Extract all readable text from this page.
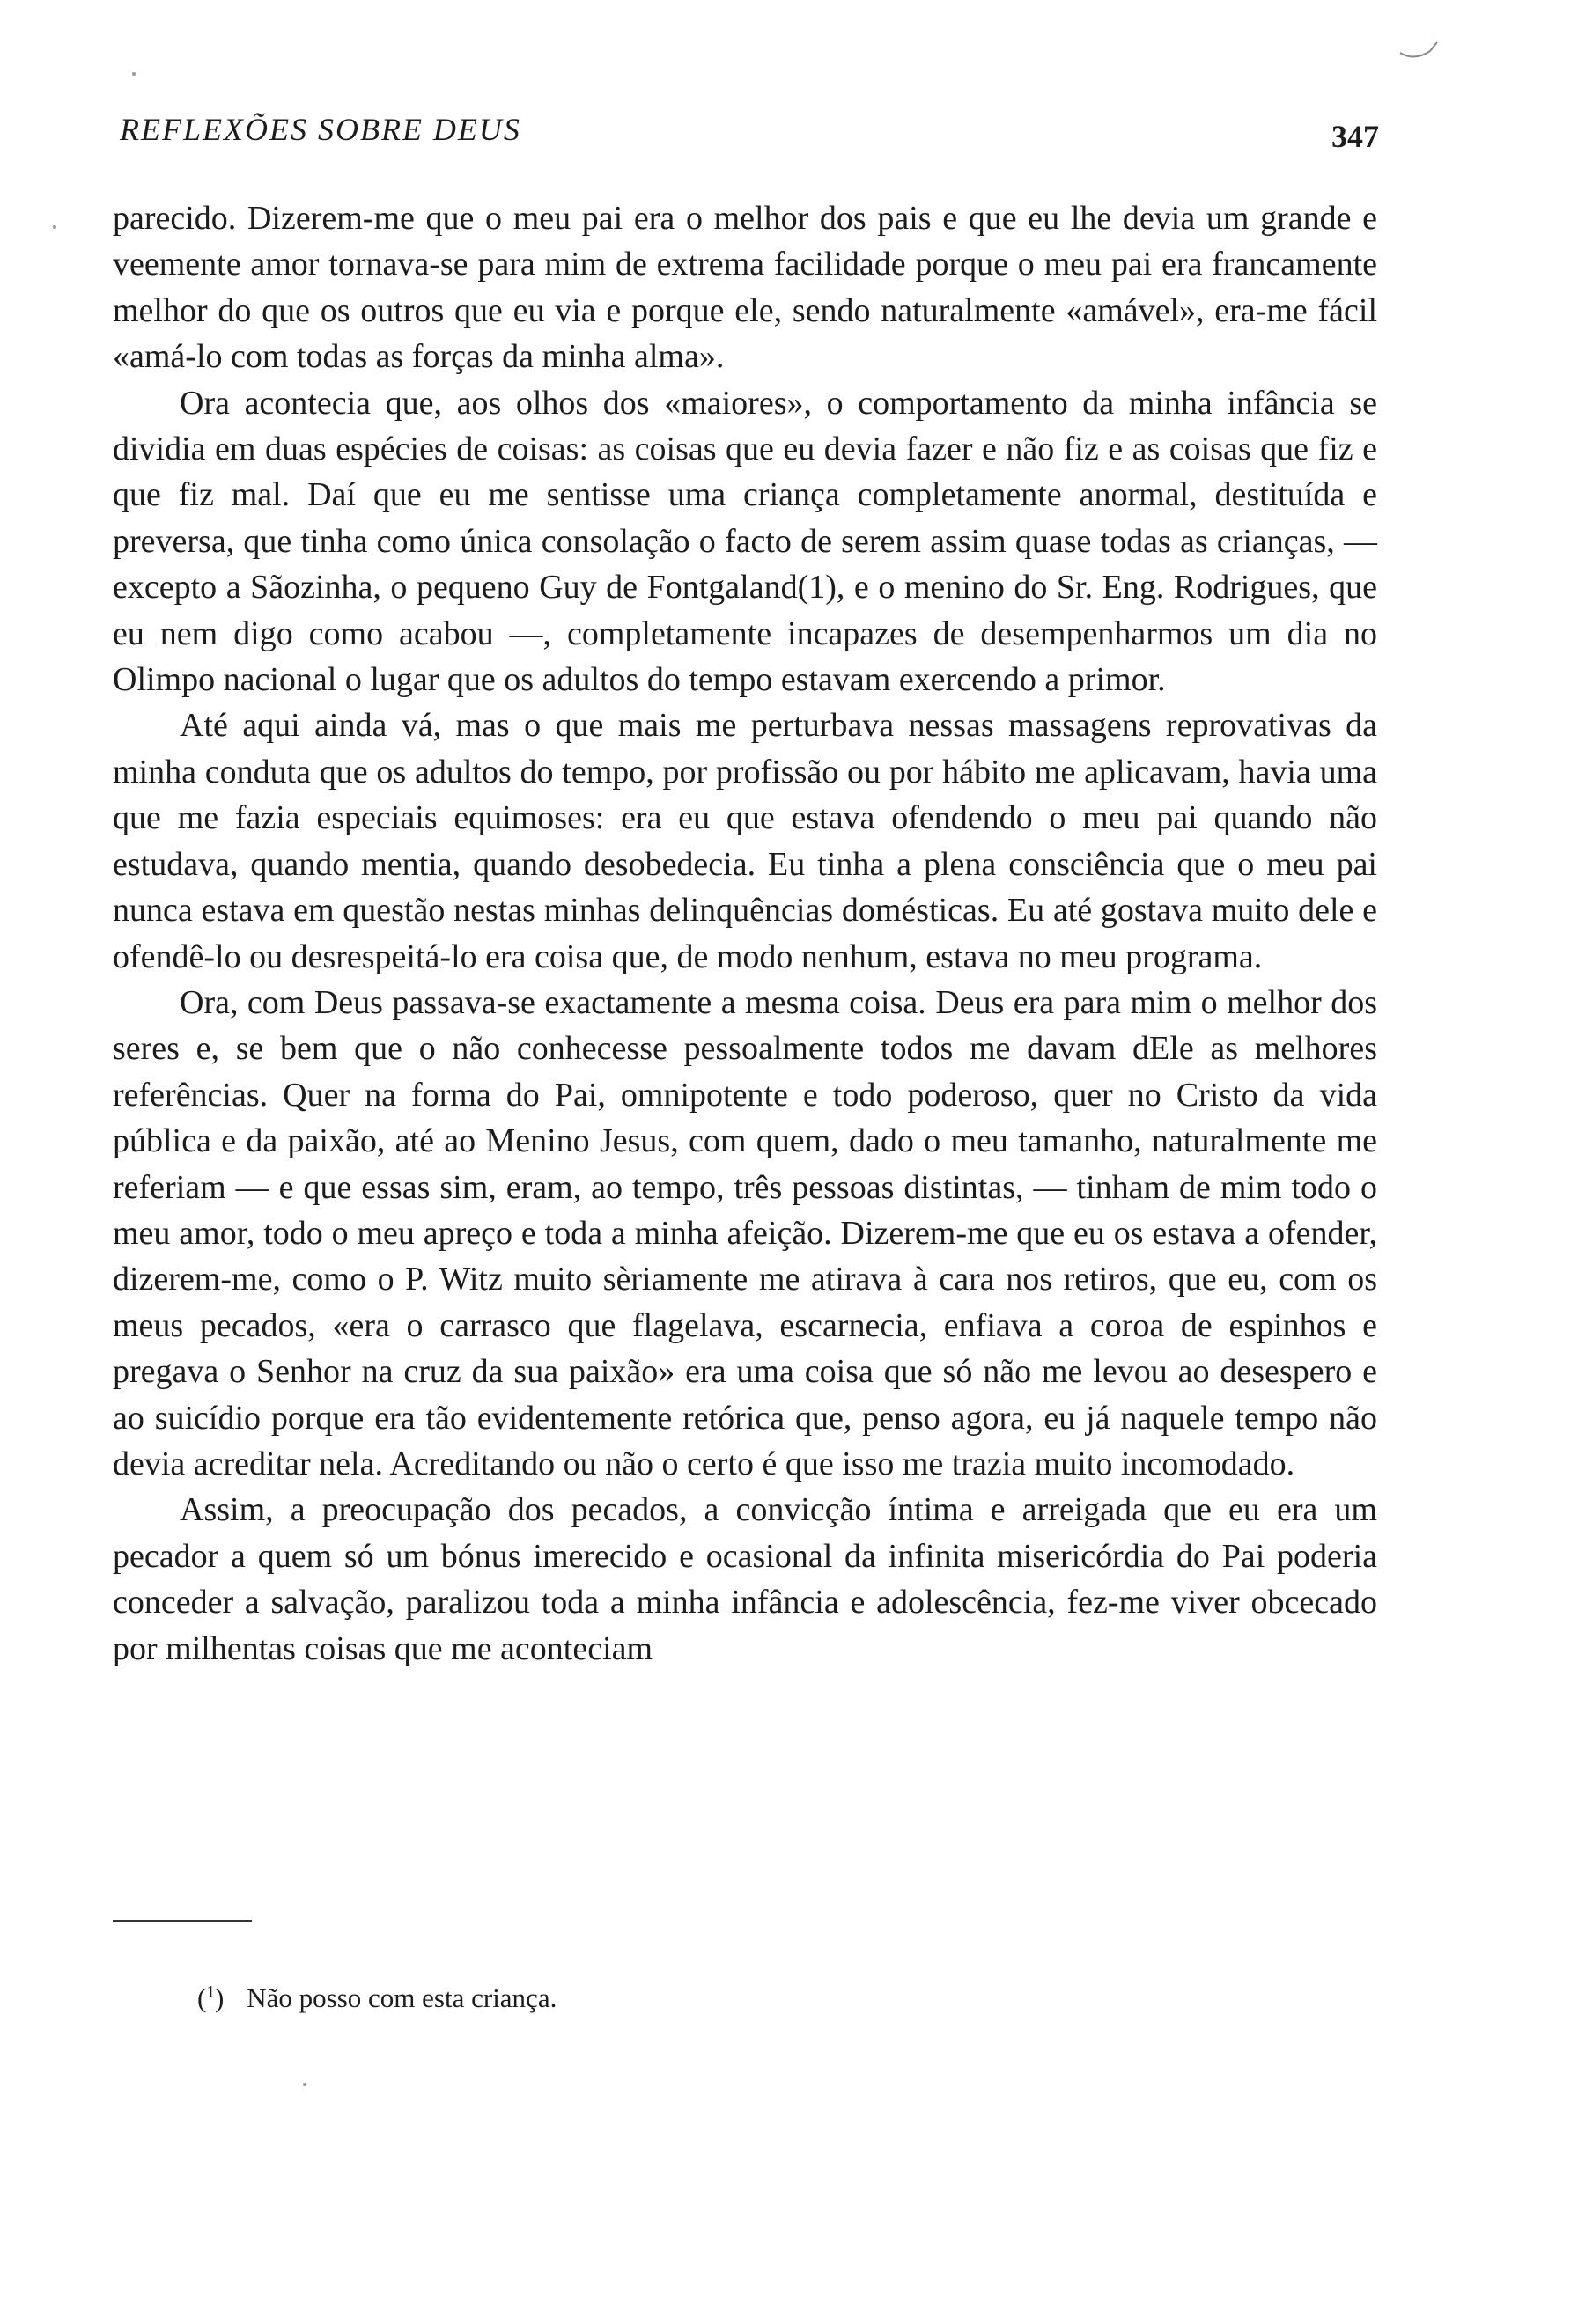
REFLEXÕES SOBRE DEUS	347

parecido. Dizerem-me que o meu pai era o melhor dos pais e que eu lhe devia um grande e veemente amor tornava-se para mim de extrema facilidade porque o meu pai era francamente melhor do que os outros que eu via e porque ele, sendo naturalmente «amável», era-me fácil «amá-lo com todas as forças da minha alma».

Ora acontecia que, aos olhos dos «maiores», o comportamento da minha infância se dividia em duas espécies de coisas: as coisas que eu devia fazer e não fiz e as coisas que fiz e que fiz mal. Daí que eu me sentisse uma criança completamente anormal, destituída e preversa, que tinha como única consolação o facto de serem assim quase todas as crianças, — excepto a Sãozinha, o pequeno Guy de Fontgaland(1), e o menino do Sr. Eng. Rodrigues, que eu nem digo como acabou —, completamente incapazes de desempenharmos um dia no Olimpo nacional o lugar que os adultos do tempo estavam exercendo a primor.

Até aqui ainda vá, mas o que mais me perturbava nessas massagens reprovativas da minha conduta que os adultos do tempo, por profissão ou por hábito me aplicavam, havia uma que me fazia especiais equimoses: era eu que estava ofendendo o meu pai quando não estudava, quando mentia, quando desobedecia. Eu tinha a plena consciência que o meu pai nunca estava em questão nestas minhas delinquências domésticas. Eu até gostava muito dele e ofendê-lo ou desrespeitá-lo era coisa que, de modo nenhum, estava no meu programa.

Ora, com Deus passava-se exactamente a mesma coisa. Deus era para mim o melhor dos seres e, se bem que o não conhecesse pessoalmente todos me davam dEle as melhores referências. Quer na forma do Pai, omnipotente e todo poderoso, quer no Cristo da vida pública e da paixão, até ao Menino Jesus, com quem, dado o meu tamanho, naturalmente me referiam — e que essas sim, eram, ao tempo, três pessoas distintas, — tinham de mim todo o meu amor, todo o meu apreço e toda a minha afeição. Dizerem-me que eu os estava a ofender, dizerem-me, como o P. Witz muito sèriamente me atirava à cara nos retiros, que eu, com os meus pecados, «era o carrasco que flagelava, escarnecia, enfiava a coroa de espinhos e pregava o Senhor na cruz da sua paixão» era uma coisa que só não me levou ao desespero e ao suicídio porque era tão evidentemente retórica que, penso agora, eu já naquele tempo não devia acreditar nela. Acreditando ou não o certo é que isso me trazia muito incomodado.

Assim, a preocupação dos pecados, a convicção íntima e arreigada que eu era um pecador a quem só um bónus imerecido e ocasional da infinita misericórdia do Pai poderia conceder a salvação, paralizou toda a minha infância e adolescência, fez-me viver obcecado por milhentas coisas que me aconteciam

($^1$) Não posso com esta criança.
